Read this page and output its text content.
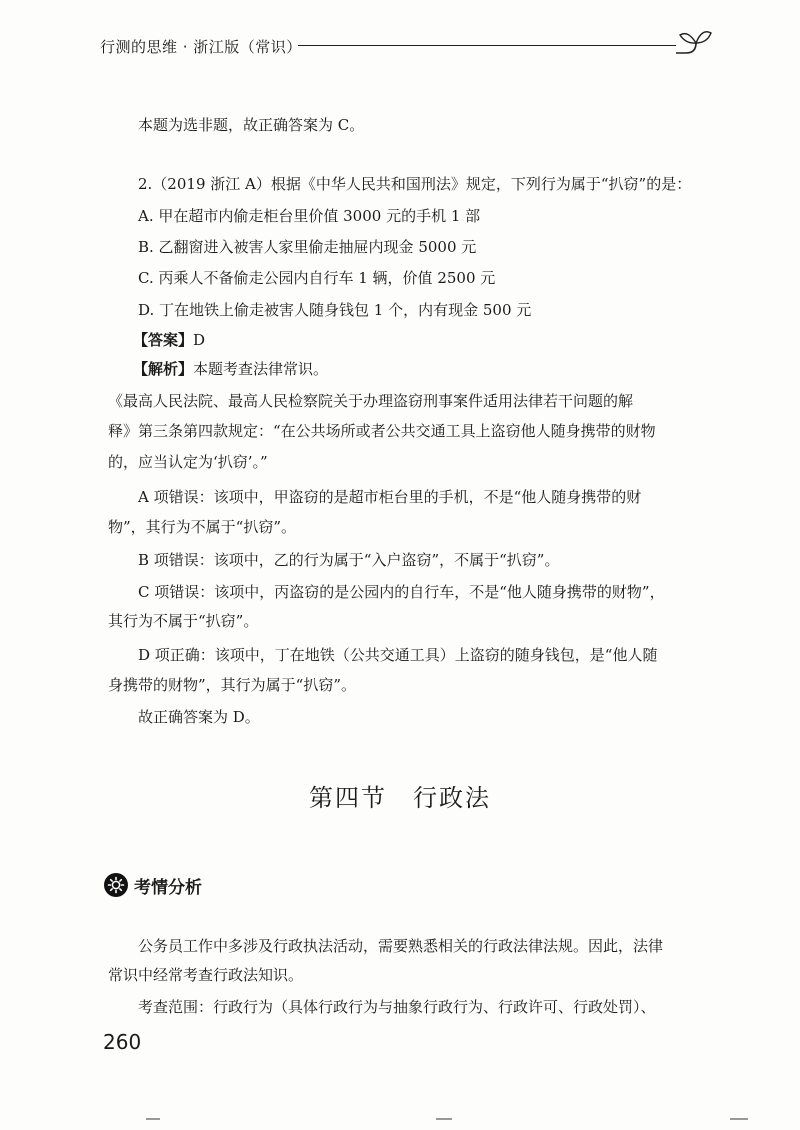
行测的思维 · 浙江版（常识）
本题为选非题，故正确答案为 C。
2.（2019 浙江 A）根据《中华人民共和国刑法》规定，下列行为属于“扒窃”的是：
A. 甲在超市内偷走柜台里价值 3000 元的手机 1 部
B. 乙翻窗进入被害人家里偷走抽屉内现金 5000 元
C. 丙乘人不备偷走公园内自行车 1 辆，价值 2500 元
D. 丁在地铁上偷走被害人随身钱包 1 个，内有现金 500 元
【答案】D
【解析】本题考查法律常识。
《最高人民法院、最高人民检察院关于办理盗窃刑事案件适用法律若干问题的解
释》第三条第四款规定：“在公共场所或者公共交通工具上盗窃他人随身携带的财物
的，应当认定为‘扒窃’。”
A 项错误：该项中，甲盗窃的是超市柜台里的手机，不是“他人随身携带的财
物”，其行为不属于“扒窃”。
B 项错误：该项中，乙的行为属于“入户盗窃”，不属于“扒窃”。
C 项错误：该项中，丙盗窃的是公园内的自行车，不是“他人随身携带的财物”，
其行为不属于“扒窃”。
D 项正确：该项中，丁在地铁（公共交通工具）上盗窃的随身钱包，是“他人随
身携带的财物”，其行为属于“扒窃”。
故正确答案为 D。
第四节　行政法
考情分析
公务员工作中多涉及行政执法活动，需要熟悉相关的行政法律法规。因此，法律
常识中经常考查行政法知识。
考查范围：行政行为（具体行政行为与抽象行政行为、行政许可、行政处罚）、
260
